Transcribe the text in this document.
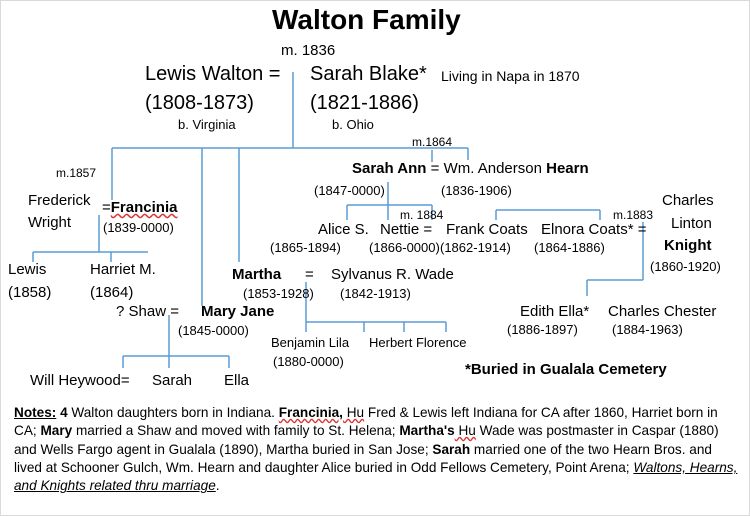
Walton Family
m. 1836
Lewis Walton = Sarah Blake* Living in Napa in 1870
(1808-1873)	(1821-1886)
b. Virginia	b. Ohio
m.1857
Frederick
Wright
=Francinia
(1839-0000)
Lewis
(1858)
Harriet M.
(1864)
? Shaw = Mary Jane
(1845-0000)
Will Heywood= Sarah Ella
Martha = Sylvanus R. Wade
(1853-1928) (1842-1913)
Benjamin Lila Herbert Florence
(1880-0000)
m.1864
Sarah Ann = Wm. Anderson Hearn
(1847-0000)	(1836-1906)
Alice S.
(1865-1894)
m. 1884
Nettie =
(1866-0000)
Frank Coats
(1862-1914)
m.1883
Elnora Coats* =
(1864-1886)
Charles
Linton
Knight
(1860-1920)
Edith Ella*
(1886-1897)
Charles Chester
(1884-1963)
*Buried in Gualala Cemetery
Notes: 4 Walton daughters born in Indiana. Francinia, Hu Fred & Lewis left Indiana for CA after 1860, Harriet born in CA; Mary married a Shaw and moved with family to St. Helena; Martha's Hu Wade was postmaster in Caspar (1880) and Wells Fargo agent in Gualala (1890), Martha buried in San Jose; Sarah married one of the two Hearn Bros. and lived at Schooner Gulch, Wm. Hearn and daughter Alice buried in Odd Fellows Cemetery, Point Arena; Waltons, Hearns, and Knights related thru marriage.
